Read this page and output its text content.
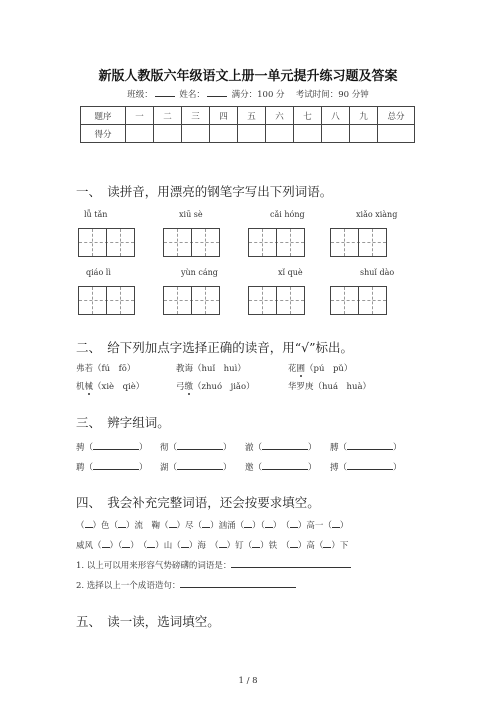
新版人教版六年级语文上册一单元提升练习题及答案
班级：	姓名：	满分：100 分　 考试时间：90 分钟
题序	一	二	三	四	五	六	七	八	九	总分
得分										
一、　读拼音，用漂亮的钢笔字写出下列词语。
lǚ tǎn	xiū sè	cǎi hóng	xiǎo xiàng
qiáo lì	yùn cáng	xǐ què	shuǐ dào
二、　给下列加点字选择正确的读音，用“√”标出。
弗若（fú　fō）	教诲（huǐ　huì）	花圃（pú　pǔ）
机械（xiè　qiè）	弓缴（zhuó　jiǎo）	华罗庚（huá　huà）
三、　辨字组词。
骋（	） 彻（	） 澈（	） 膊（	）
聘（	） 湖（	） 邀（	） 搏（	）
四、　我会补充完整词语，还会按要求填空。
（ ）色（ ）流　鞠（ ）尽（ ）汹涌（ ）（ ）　（ ）高一（ ）
威风（ ）（ ）　（ ）山（ ）海　（ ）钉（ ）铁　（ ）高（ ）下
1. 以上可以用来形容气势磅礴的词语是：
2. 选择以上一个成语造句：
五、　读一读，选词填空。
1 / 8
